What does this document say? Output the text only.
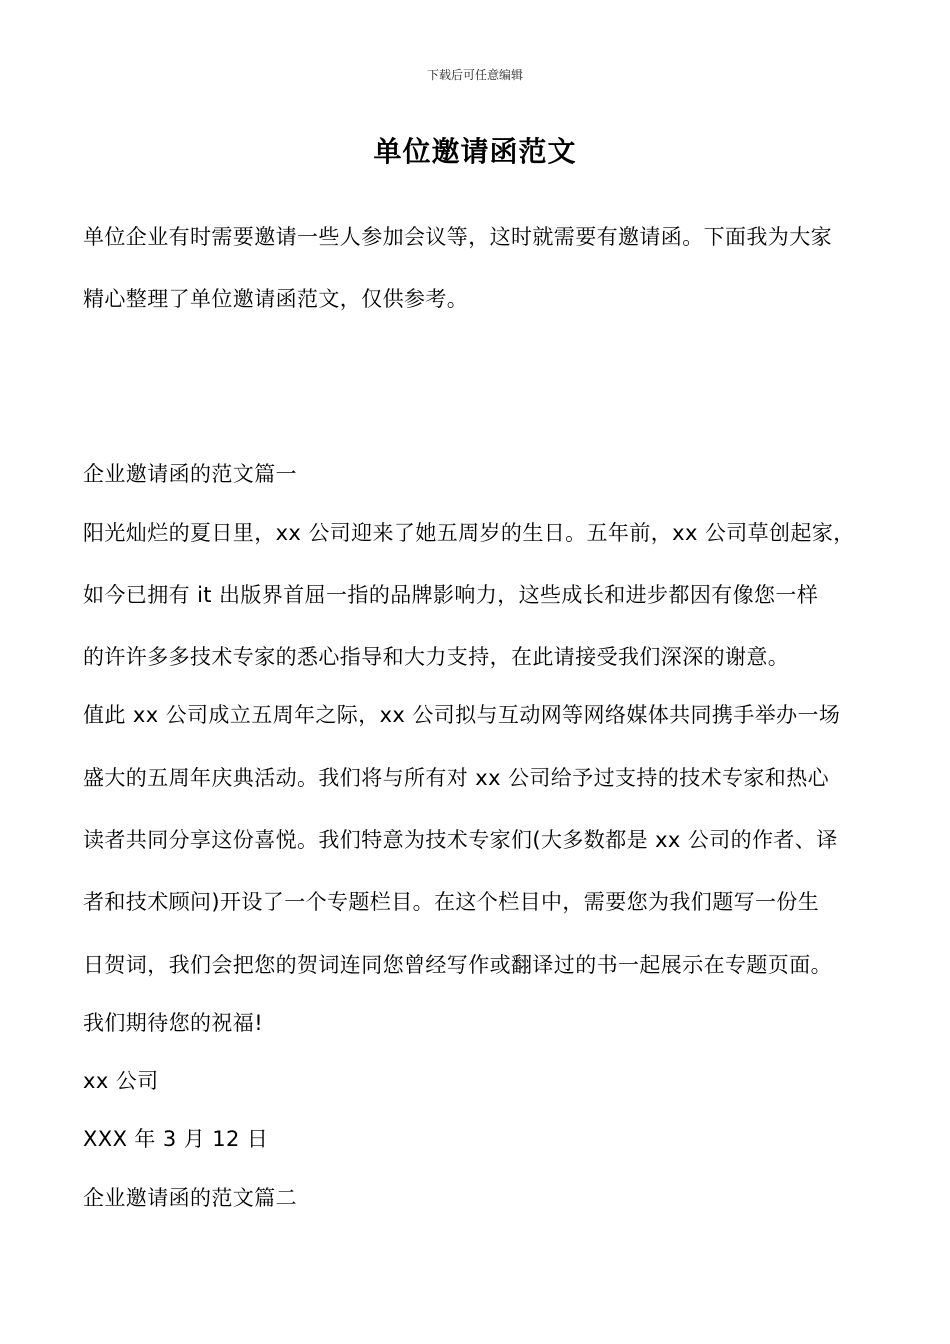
下载后可任意编辑
单位邀请函范文
单位企业有时需要邀请一些人参加会议等，这时就需要有邀请函。下面我为大家
精心整理了单位邀请函范文，仅供参考。
企业邀请函的范文篇一
阳光灿烂的夏日里，xx 公司迎来了她五周岁的生日。五年前，xx 公司草创起家，
如今已拥有 it 出版界首屈一指的品牌影响力，这些成长和进步都因有像您一样
的许许多多技术专家的悉心指导和大力支持，在此请接受我们深深的谢意。
值此 xx 公司成立五周年之际，xx 公司拟与互动网等网络媒体共同携手举办一场
盛大的五周年庆典活动。我们将与所有对 xx 公司给予过支持的技术专家和热心
读者共同分享这份喜悦。我们特意为技术专家们(大多数都是 xx 公司的作者、译
者和技术顾问)开设了一个专题栏目。在这个栏目中，需要您为我们题写一份生
日贺词，我们会把您的贺词连同您曾经写作或翻译过的书一起展示在专题页面。
我们期待您的祝福!
xx 公司
XXX 年 3 月 12 日
企业邀请函的范文篇二
